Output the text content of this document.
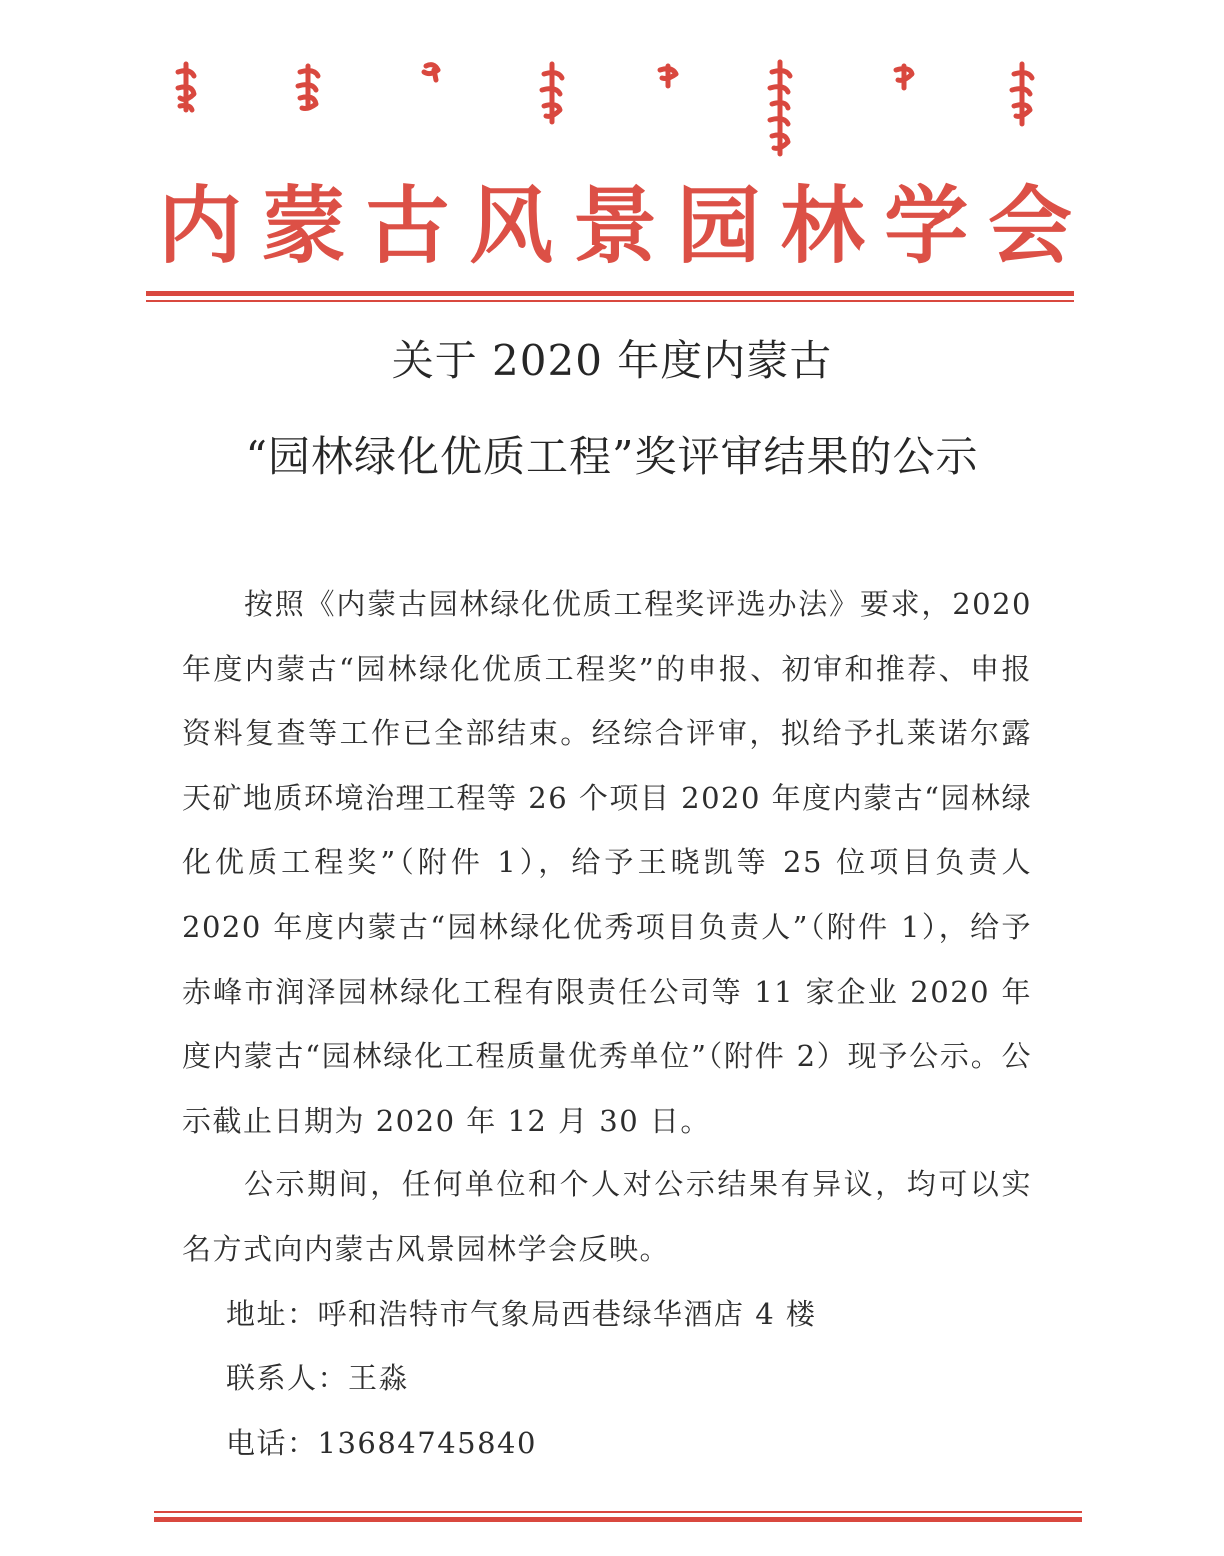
内 蒙 古 风 景 园 林 学 会
关于 2020 年度内蒙古
“园林绿化优质工程”奖评审结果的公示

按照《内蒙古园林绿化优质工程奖评选办法》要求，2020 年度内蒙古“园林绿化优质工程奖”的申报、初审和推荐、申报资料复查等工作已全部结束。经综合评审，拟给予扎莱诺尔露天矿地质环境治理工程等 26 个项目 2020 年度内蒙古“园林绿化优质工程奖”（附件 1），给予王晓凯等 25 位项目负责人 2020 年度内蒙古“园林绿化优秀项目负责人”（附件 1），给予赤峰市润泽园林绿化工程有限责任公司等 11 家企业 2020 年度内蒙古“园林绿化工程质量优秀单位”（附件 2）现予公示。公示截止日期为 2020 年 12 月 30 日。

公示期间，任何单位和个人对公示结果有异议，均可以实名方式向内蒙古风景园林学会反映。

地址：呼和浩特市气象局西巷绿华酒店 4 楼
联系人：王淼
电话：13684745840
